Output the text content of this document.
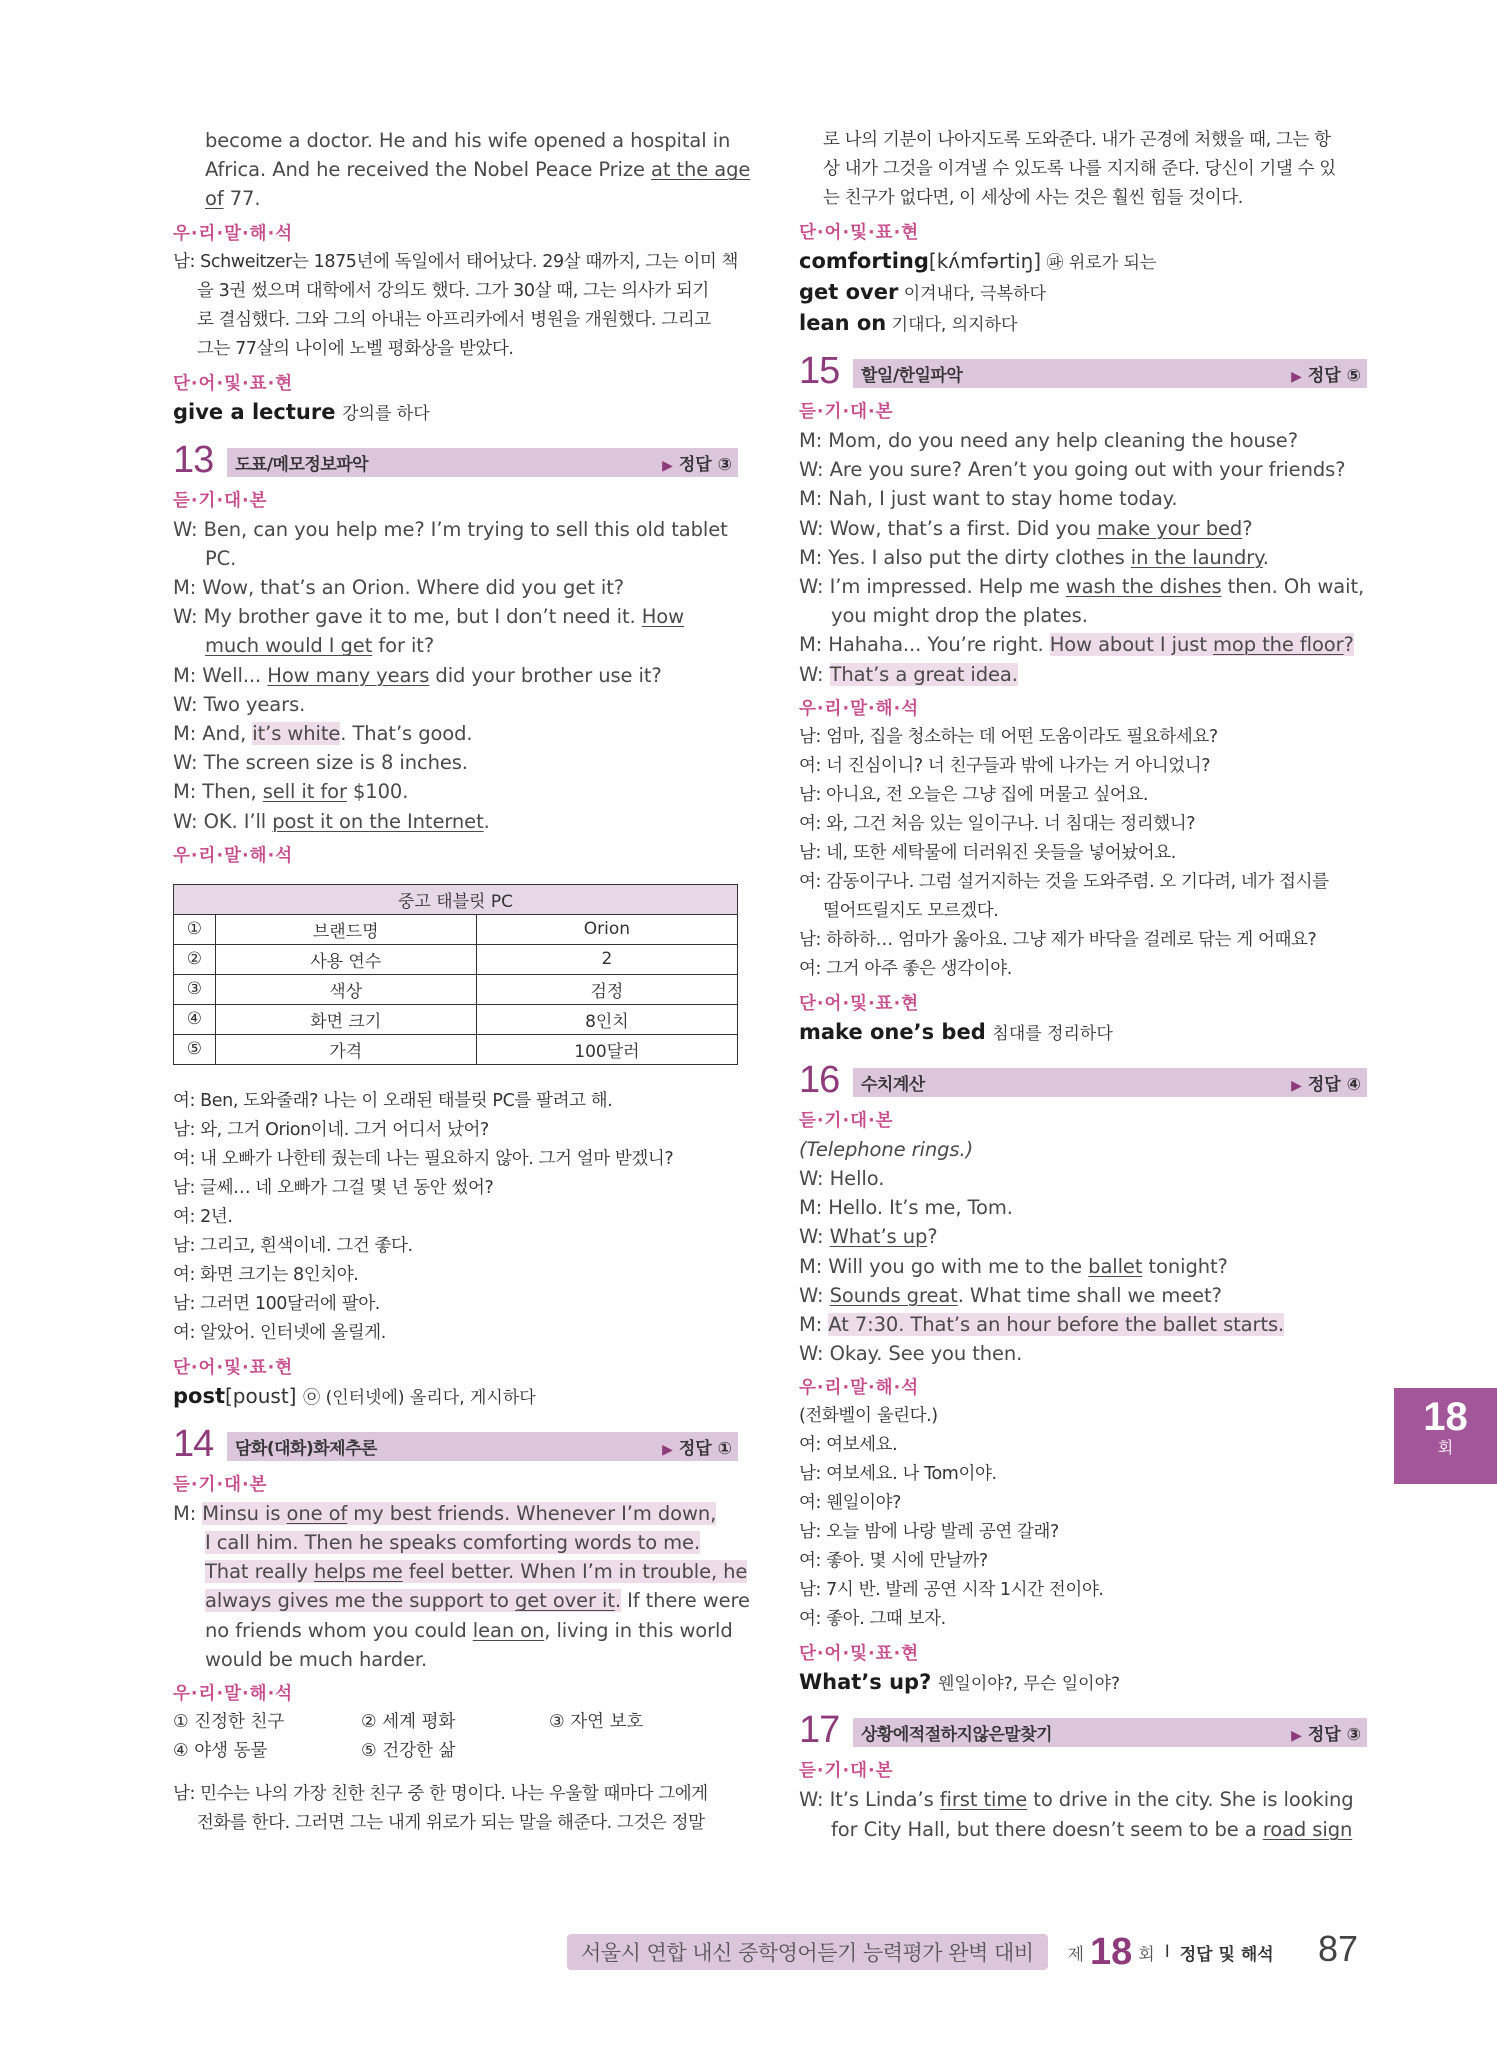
become a doctor. He and his wife opened a hospital in
Africa. And he received the Nobel Peace Prize at the age
of 77.
우·리·말·해·석
남: Schweitzer는 1875년에 독일에서 태어났다. 29살 때까지, 그는 이미 책
을 3권 썼으며 대학에서 강의도 했다. 그가 30살 때, 그는 의사가 되기
로 결심했다. 그와 그의 아내는 아프리카에서 병원을 개원했다. 그리고
그는 77살의 나이에 노벨 평화상을 받았다.
단·어·및·표·현
give a lecture 강의를 하다
13	도표/메모정보파악	▶ 정답 ③
듣·기·대·본
W: Ben, can you help me? I’m trying to sell this old tablet PC.
M: Wow, that’s an Orion. Where did you get it?
W: My brother gave it to me, but I don’t need it. How much would I get for it?
M: Well... How many years did your brother use it?
W: Two years.
M: And, it’s white. That’s good.
W: The screen size is 8 inches.
M: Then, sell it for $100.
W: OK. I’ll post it on the Internet.
우·리·말·해·석
중고 태블릿 PC		
①	브랜드명	Orion
②	사용 연수	2
③	색상	검정
④	화면 크기	8인치
⑤	가격	100달러
여: Ben, 도와줄래? 나는 이 오래된 태블릿 PC를 팔려고 해.
남: 와, 그거 Orion이네. 그거 어디서 났어?
여: 내 오빠가 나한테 줬는데 나는 필요하지 않아. 그거 얼마 받겠니?
남: 글쎄… 네 오빠가 그걸 몇 년 동안 썼어?
여: 2년.
남: 그리고, 흰색이네. 그건 좋다.
여: 화면 크기는 8인치야.
남: 그러면 100달러에 팔아.
여: 알았어. 인터넷에 올릴게.
단·어·및·표·현
post[poust] ㉧ (인터넷에) 올리다, 게시하다
14	담화(대화)화제추론	▶ 정답 ①
듣·기·대·본
M: Minsu is one of my best friends. Whenever I’m down,
I call him. Then he speaks comforting words to me.
That really helps me feel better. When I’m in trouble, he
always gives me the support to get over it. If there were
no friends whom you could lean on, living in this world
would be much harder.
우·리·말·해·석
① 진정한 친구	② 세계 평화	③ 자연 보호
④ 야생 동물	⑤ 건강한 삶
남: 민수는 나의 가장 친한 친구 중 한 명이다. 나는 우울할 때마다 그에게
전화를 한다. 그러면 그는 내게 위로가 되는 말을 해준다. 그것은 정말
로 나의 기분이 나아지도록 도와준다. 내가 곤경에 처했을 때, 그는 항
상 내가 그것을 이겨낼 수 있도록 나를 지지해 준다. 당신이 기댈 수 있
는 친구가 없다면, 이 세상에 사는 것은 훨씬 힘들 것이다.
단·어·및·표·현
comforting[kʌ́mfərtiŋ] ㉺ 위로가 되는
get over 이겨내다, 극복하다
lean on 기대다, 의지하다
15	할일/한일파악	▶ 정답 ⑤
듣·기·대·본
M: Mom, do you need any help cleaning the house?
W: Are you sure? Aren’t you going out with your friends?
M: Nah, I just want to stay home today.
W: Wow, that’s a first. Did you make your bed?
M: Yes. I also put the dirty clothes in the laundry.
W: I’m impressed. Help me wash the dishes then. Oh wait, you might drop the plates.
M: Hahaha... You’re right. How about I just mop the floor?
W: That’s a great idea.
우·리·말·해·석
남: 엄마, 집을 청소하는 데 어떤 도움이라도 필요하세요?
여: 너 진심이니? 너 친구들과 밖에 나가는 거 아니었니?
남: 아니요, 전 오늘은 그냥 집에 머물고 싶어요.
여: 와, 그건 처음 있는 일이구나. 너 침대는 정리했니?
남: 네, 또한 세탁물에 더러워진 옷들을 넣어놨어요.
여: 감동이구나. 그럼 설거지하는 것을 도와주렴. 오 기다려, 네가 접시를
떨어뜨릴지도 모르겠다.
남: 하하하… 엄마가 옳아요. 그냥 제가 바닥을 걸레로 닦는 게 어때요?
여: 그거 아주 좋은 생각이야.
단·어·및·표·현
make one’s bed 침대를 정리하다
16	수치계산	▶ 정답 ④
듣·기·대·본
(Telephone rings.)
W: Hello.
M: Hello. It’s me, Tom.
W: What’s up?
M: Will you go with me to the ballet tonight?
W: Sounds great. What time shall we meet?
M: At 7:30. That’s an hour before the ballet starts.
W: Okay. See you then.
우·리·말·해·석
(전화벨이 울린다.)
여: 여보세요.
남: 여보세요. 나 Tom이야.
여: 웬일이야?
남: 오늘 밤에 나랑 발레 공연 갈래?
여: 좋아. 몇 시에 만날까?
남: 7시 반. 발레 공연 시작 1시간 전이야.
여: 좋아. 그때 보자.
단·어·및·표·현
What’s up? 웬일이야?, 무슨 일이야?
17	상황에적절하지않은말찾기	▶ 정답 ③
듣·기·대·본
W: It’s Linda’s first time to drive in the city. She is looking
for City Hall, but there doesn’t seem to be a road sign
18
회
서울시 연합 내신 중학영어듣기 능력평가 완벽 대비	제 18 회 I 정답 및 해석 87
